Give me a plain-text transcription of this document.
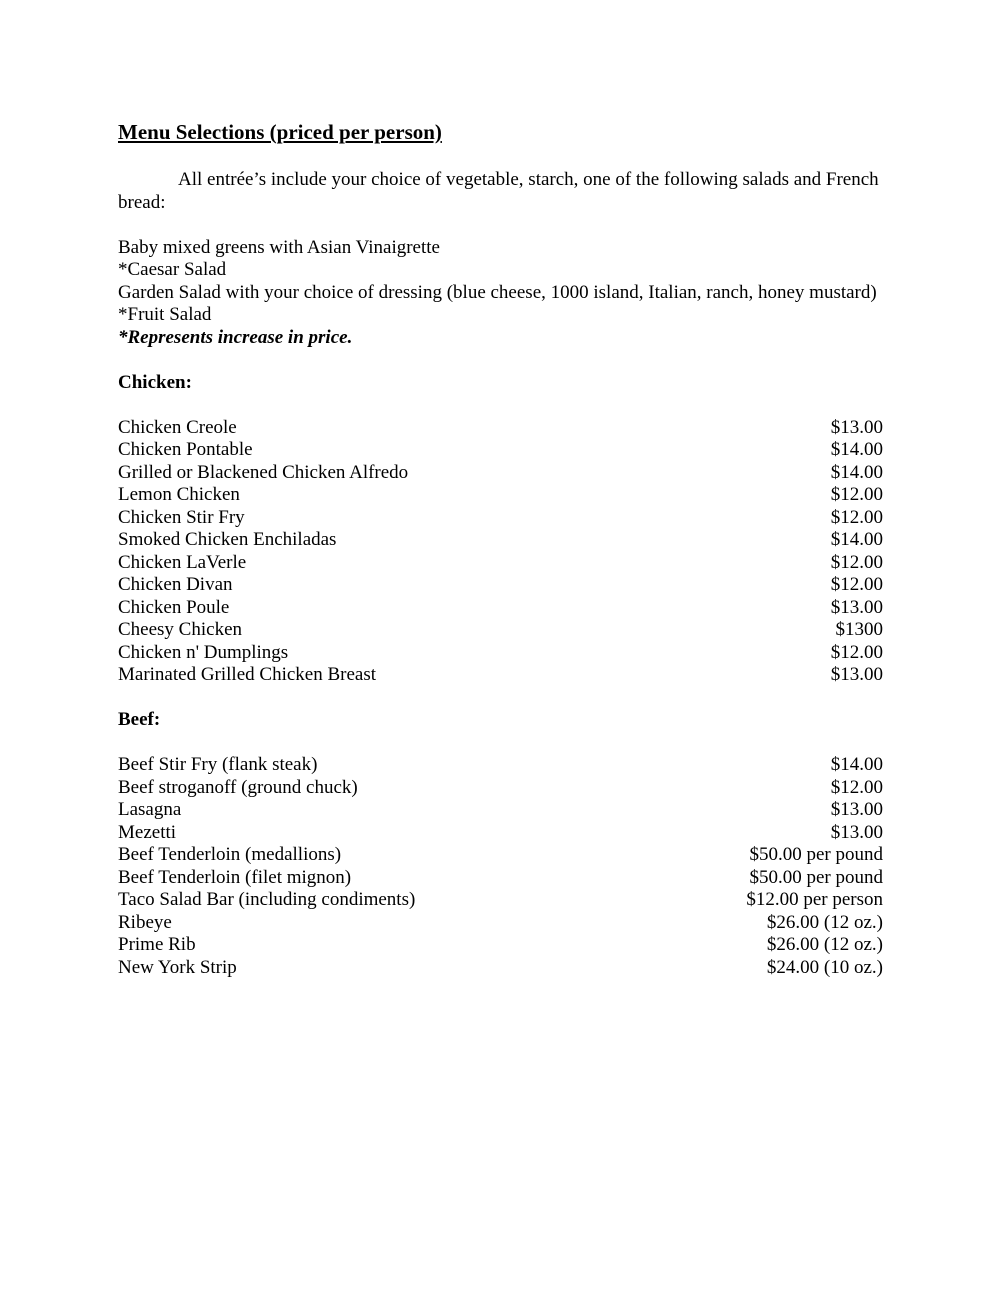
Menu Selections (priced per person)
All entrée’s include your choice of vegetable, starch, one of the following salads and French bread:
Baby mixed greens with Asian Vinaigrette
*Caesar Salad
Garden Salad with your choice of dressing (blue cheese, 1000 island, Italian, ranch, honey mustard)
*Fruit Salad
*Represents increase in price.
Chicken:
Chicken Creole	$13.00
Chicken Pontable	$14.00
Grilled or Blackened Chicken Alfredo	$14.00
Lemon Chicken	$12.00
Chicken Stir Fry	$12.00
Smoked Chicken Enchiladas	$14.00
Chicken LaVerle	$12.00
Chicken Divan	$12.00
Chicken Poule	$13.00
Cheesy Chicken	$1300
Chicken n' Dumplings	$12.00
Marinated Grilled Chicken Breast	$13.00
Beef:
Beef Stir Fry (flank steak)	$14.00
Beef stroganoff (ground chuck)	$12.00
Lasagna	$13.00
Mezetti	$13.00
Beef Tenderloin (medallions)	$50.00 per pound
Beef Tenderloin (filet mignon)	$50.00 per pound
Taco Salad Bar (including condiments)	$12.00 per person
Ribeye	$26.00 (12 oz.)
Prime Rib	$26.00 (12 oz.)
New York Strip	$24.00 (10 oz.)
